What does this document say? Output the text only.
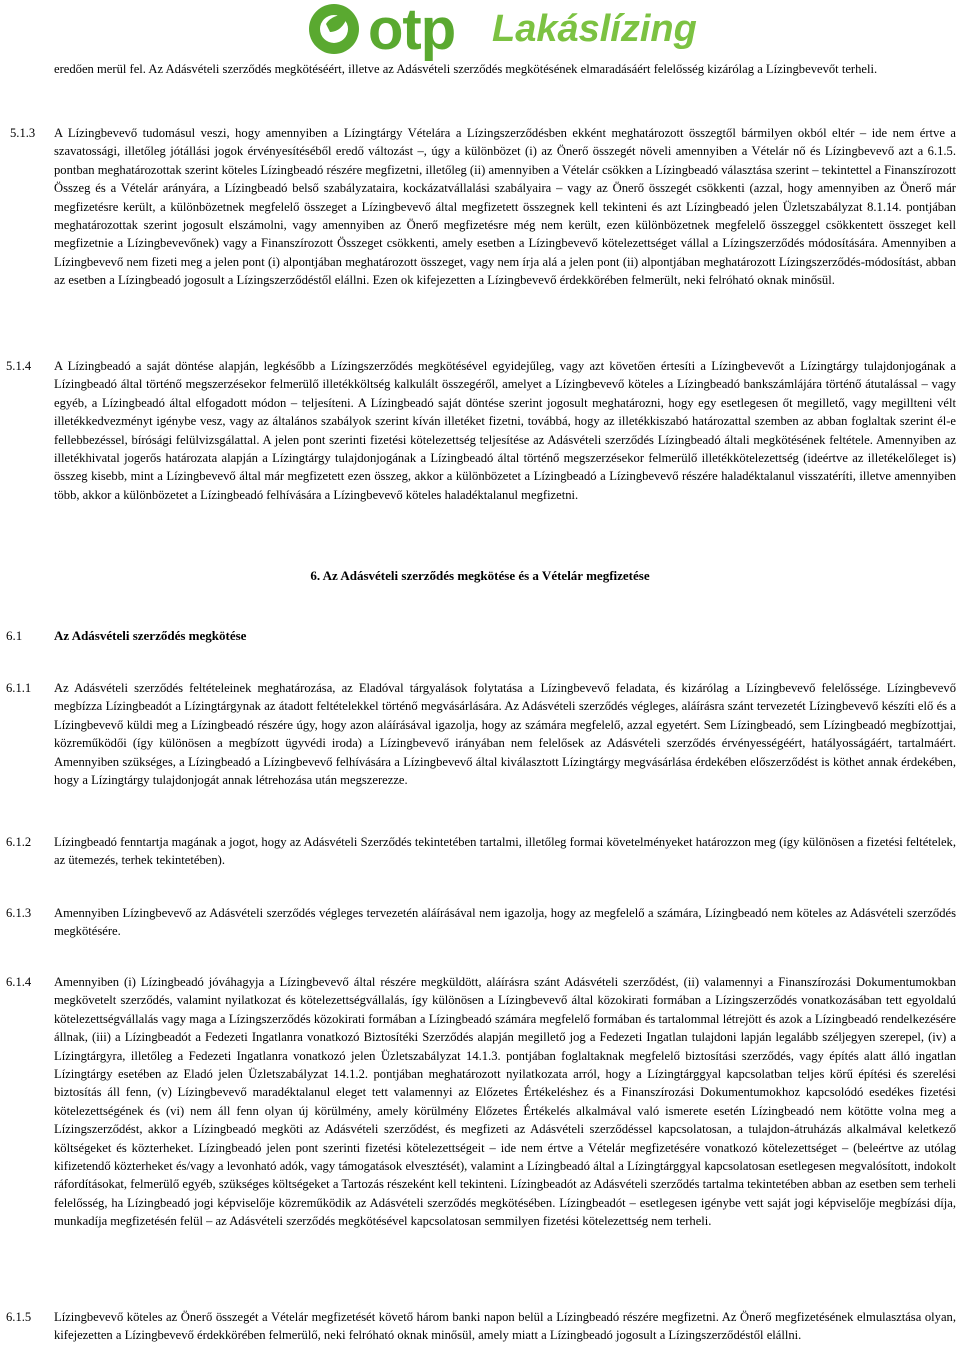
otp Lakáslízing
eredően merül fel. Az Adásvételi szerződés megkötéséért, illetve az Adásvételi szerződés megkötésének elmaradásáért felelősség kizárólag a Lízingbevevőt terheli.
5.1.3 A Lízingbevevő tudomásul veszi, hogy amennyiben a Lízingtárgy Vételára a Lízingszerződésben ekként meghatározott összegtől bármilyen okból eltér – ide nem értve a szavatossági, illetőleg jótállási jogok érvényesítéséből eredő változást –, úgy a különbözet (i) az Önerő összegét növeli amennyiben a Vételár nő és Lízingbevevő azt a 6.1.5. pontban meghatározottak szerint köteles Lízingbeadó részére megfizetni, illetőleg (ii) amennyiben a Vételár csökken a Lízingbeadó választása szerint – tekintettel a Finanszírozott Összeg és a Vételár arányára, a Lízingbeadó belső szabályzataira, kockázatvállalási szabályaira – vagy az Önerő összegét csökkenti (azzal, hogy amennyiben az Önerő már megfizetésre került, a különbözetnek megfelelő összeget a Lízingbevevő által megfizetett összegnek kell tekinteni és azt Lízingbeadó jelen Üzletszabályzat 8.1.14. pontjában meghatározottak szerint jogosult elszámolni, vagy amennyiben az Önerő megfizetésre még nem került, ezen különbözetnek megfelelő összeggel csökkentett összeget kell megfizetnie a Lízingbevevőnek) vagy a Finanszírozott Összeget csökkenti, amely esetben a Lízingbevevő kötelezettséget vállal a Lízingszerződés módosítására. Amennyiben a Lízingbevevő nem fizeti meg a jelen pont (i) alpontjában meghatározott összeget, vagy nem írja alá a jelen pont (ii) alpontjában meghatározott Lízingszerződés-módosítást, abban az esetben a Lízingbeadó jogosult a Lízingszerződéstől elállni. Ezen ok kifejezetten a Lízingbevevő érdekkörében felmerült, neki felróható oknak minősül.
5.1.4 A Lízingbeadó a saját döntése alapján, legkésőbb a Lízingszerződés megkötésével egyidejűleg, vagy azt követően értesíti a Lízingbevevőt a Lízingtárgy tulajdonjogának a Lízingbeadó által történő megszerzésekor felmerülő illetékköltség kalkulált összegéről, amelyet a Lízingbevevő köteles a Lízingbeadó bankszámlájára történő átutalással – vagy egyéb, a Lízingbeadó által elfogadott módon – teljesíteni. A Lízingbeadó saját döntése szerint jogosult meghatározni, hogy egy esetlegesen őt megillető, vagy megillteni vélt illetékkedvezményt igénybe vesz, vagy az általános szabályok szerint kíván illetéket fizetni, továbbá, hogy az illetékkiszabó határozattal szemben az abban foglaltak szerint él-e fellebbezéssel, bírósági felülvizsgálattal. A jelen pont szerinti fizetési kötelezettség teljesítése az Adásvételi szerződés Lízingbeadó általi megkötésének feltétele. Amennyiben az illetékhivatal jogerős határozata alapján a Lízingtárgy tulajdonjogának a Lízingbeadó által történő megszerzésekor felmerülő illetékkötelezettség (ideértve az illetékelőleget is) összeg kisebb, mint a Lízingbevevő által már megfizetett ezen összeg, akkor a különbözetet a Lízingbeadó a Lízingbevevő részére haladéktalanul visszatéríti, illetve amennyiben több, akkor a különbözetet a Lízingbeadó felhívására a Lízingbevevő köteles haladéktalanul megfizetni.
6. Az Adásvételi szerződés megkötése és a Vételár megfizetése
6.1 Az Adásvételi szerződés megkötése
6.1.1 Az Adásvételi szerződés feltételeinek meghatározása, az Eladóval tárgyalások folytatása a Lízingbevevő feladata, és kizárólag a Lízingbevevő felelőssége. Lízingbevevő megbízza Lízingbeadót a Lízingtárgynak az átadott feltételekkel történő megvásárlására. Az Adásvételi szerződés végleges, aláírásra szánt tervezetét Lízingbevevő készíti elő és a Lízingbevevő küldi meg a Lízingbeadó részére úgy, hogy azon aláírásával igazolja, hogy az számára megfelelő, azzal egyetért. Sem Lízingbeadó, sem Lízingbeadó megbízottjai, közreműködői (így különösen a megbízott ügyvédi iroda) a Lízingbevevő irányában nem felelősek az Adásvételi szerződés érvényességéért, hatályosságáért, tartalmáért. Amennyiben szükséges, a Lízingbeadó a Lízingbevevő felhívására a Lízingbevevő által kiválasztott Lízingtárgy megvásárlása érdekében előszerződést is köthet annak érdekében, hogy a Lízingtárgy tulajdonjogát annak létrehozása után megszerezze.
6.1.2 Lízingbeadó fenntartja magának a jogot, hogy az Adásvételi Szerződés tekintetében tartalmi, illetőleg formai követelményeket határozzon meg (így különösen a fizetési feltételek, az ütemezés, terhek tekintetében).
6.1.3 Amennyiben Lízingbevevő az Adásvételi szerződés végleges tervezetén aláírásával nem igazolja, hogy az megfelelő a számára, Lízingbeadó nem köteles az Adásvételi szerződés megkötésére.
6.1.4 Amennyiben (i) Lízingbeadó jóváhagyja a Lízingbevevő által részére megküldött, aláírásra szánt Adásvételi szerződést, (ii) valamennyi a Finanszírozási Dokumentumokban megkövetelt szerződés, valamint nyilatkozat és kötelezettségvállalás, így különösen a Lízingbevevő által közokirati formában a Lízingszerződés vonatkozásában tett egyoldalú kötelezettségvállalás vagy maga a Lízingszerződés közokirati formában a Lízingbeadó számára megfelelő formában és tartalommal létrejött és azok a Lízingbeadó rendelkezésére állnak, (iii) a Lízingbeadót a Fedezeti Ingatlanra vonatkozó Biztosítéki Szerződés alapján megillető jog a Fedezeti Ingatlan tulajdoni lapján legalább széljegyen szerepel, (iv) a Lízingtárgyra, illetőleg a Fedezeti Ingatlanra vonatkozó jelen Üzletszabályzat 14.1.3. pontjában foglaltaknak megfelelő biztosítási szerződés, vagy építés alatt álló ingatlan Lízingtárgy esetében az Eladó jelen Üzletszabályzat 14.1.2. pontjában meghatározott nyilatkozata arról, hogy a Lízingtárggyal kapcsolatban teljes körű építési és szerelési biztosítás áll fenn, (v) Lízingbevevő maradéktalanul eleget tett valamennyi az Előzetes Értékeléshez és a Finanszírozási Dokumentumokhoz kapcsolódó esedékes fizetési kötelezettségének és (vi) nem áll fenn olyan új körülmény, amely körülmény Előzetes Értékelés alkalmával való ismerete esetén Lízingbeadó nem kötötte volna meg a Lízingszerződést, akkor a Lízingbeadó megköti az Adásvételi szerződést, és megfizeti az Adásvételi szerződéssel kapcsolatosan, a tulajdon-átruházás alkalmával keletkező költségeket és közterheket. Lízingbeadó jelen pont szerinti fizetési kötelezettségeit – ide nem értve a Vételár megfizetésére vonatkozó kötelezettséget – (beleértve az utólag kifizetendő közterheket és/vagy a levonható adók, vagy támogatások elvesztését), valamint a Lízingbeadó által a Lízingtárggyal kapcsolatosan esetlegesen megvalósított, indokolt ráfordításokat, felmerülő egyéb, szükséges költségeket a Tartozás részeként kell tekinteni. Lízingbeadót az Adásvételi szerződés tartalma tekintetében abban az esetben sem terheli felelősség, ha Lízingbeadó jogi képviselője közreműködik az Adásvételi szerződés megkötésében. Lízingbeadót – esetlegesen igénybe vett saját jogi képviselője megbízási díja, munkadíja megfizetésén felül – az Adásvételi szerződés megkötésével kapcsolatosan semmilyen fizetési kötelezettség nem terheli.
6.1.5 Lízingbevevő köteles az Önerő összegét a Vételár megfizetését követő három banki napon belül a Lízingbeadó részére megfizetni. Az Önerő megfizetésének elmulasztása olyan, kifejezetten a Lízingbevevő érdekkörében felmerülő, neki felróható oknak minősül, amely miatt a Lízingbeadó jogosult a Lízingszerződéstől elállni.
